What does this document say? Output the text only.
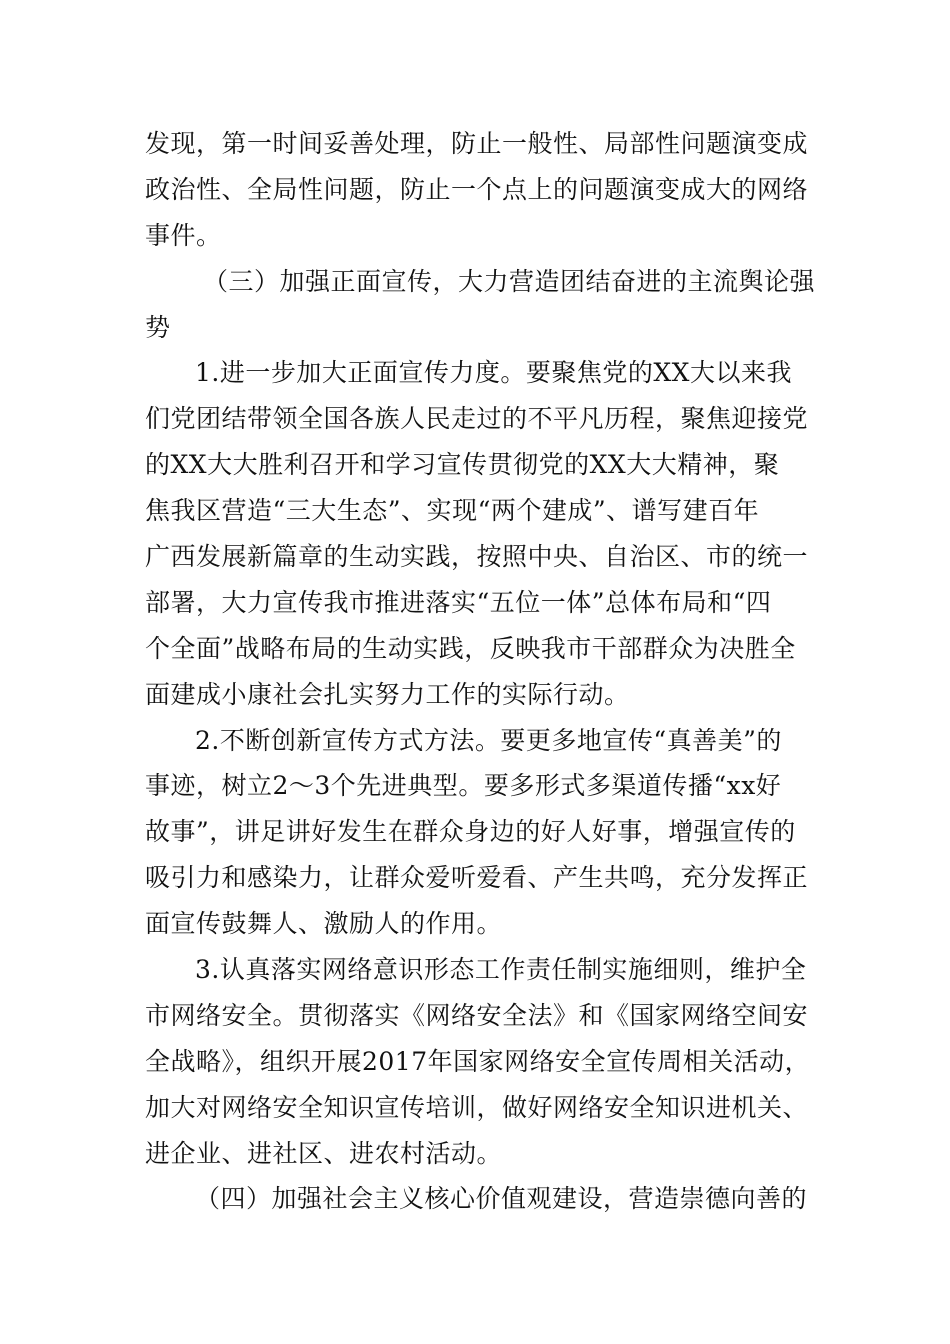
发现，第一时间妥善处理，防止一般性、局部性问题演变成
政治性、全局性问题，防止一个点上的问题演变成大的网络
事件。
（三）加强正面宣传，大力营造团结奋进的主流舆论强
势
1.进一步加大正面宣传力度。要聚焦党的XX大以来我
们党团结带领全国各族人民走过的不平凡历程，聚焦迎接党
的XX大大胜利召开和学习宣传贯彻党的XX大大精神，聚
焦我区营造“三大生态”、实现“两个建成”、谱写建百年
广西发展新篇章的生动实践，按照中央、自治区、市的统一
部署，大力宣传我市推进落实“五位一体”总体布局和“四
个全面”战略布局的生动实践，反映我市干部群众为决胜全
面建成小康社会扎实努力工作的实际行动。
2.不断创新宣传方式方法。要更多地宣传“真善美”的
事迹，树立2～3个先进典型。要多形式多渠道传播“xx好
故事”，讲足讲好发生在群众身边的好人好事，增强宣传的
吸引力和感染力，让群众爱听爱看、产生共鸣，充分发挥正
面宣传鼓舞人、激励人的作用。
3.认真落实网络意识形态工作责任制实施细则，维护全
市网络安全。贯彻落实《网络安全法》和《国家网络空间安
全战略》，组织开展2017年国家网络安全宣传周相关活动，
加大对网络安全知识宣传培训，做好网络安全知识进机关、
进企业、进社区、进农村活动。
（四）加强社会主义核心价值观建设，营造崇德向善的
